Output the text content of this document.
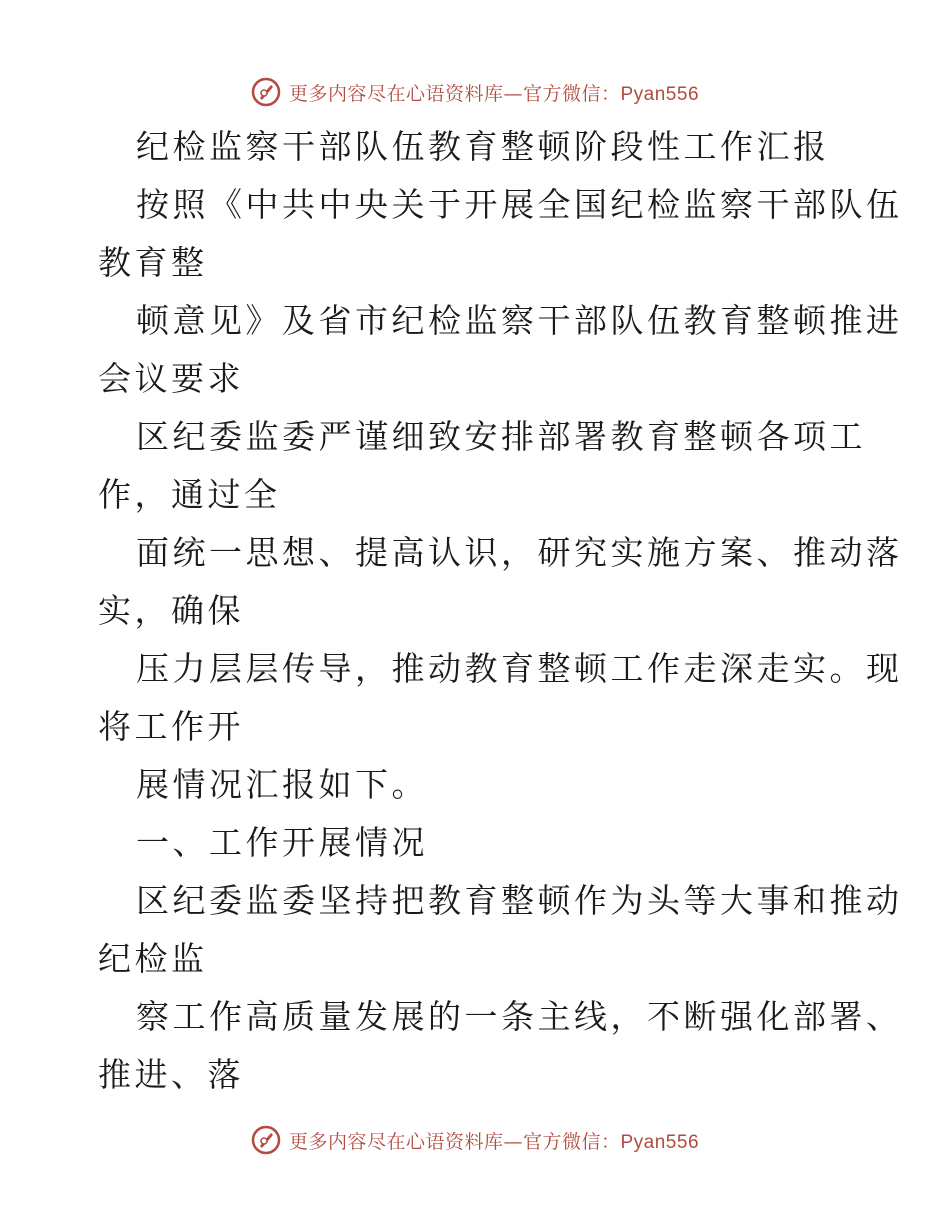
更多内容尽在心语资料库—官方微信：Pyan556
纪检监察干部队伍教育整顿阶段性工作汇报
按照《中共中央关于开展全国纪检监察干部队伍
教育整
顿意见》及省市纪检监察干部队伍教育整顿推进
会议要求
区纪委监委严谨细致安排部署教育整顿各项工
作，通过全
面统一思想、提高认识，研究实施方案、推动落
实，确保
压力层层传导，推动教育整顿工作走深走实。现
将工作开
展情况汇报如下。
一、工作开展情况
区纪委监委坚持把教育整顿作为头等大事和推动
纪检监
察工作高质量发展的一条主线，不断强化部署、
推进、落
更多内容尽在心语资料库—官方微信：Pyan556
